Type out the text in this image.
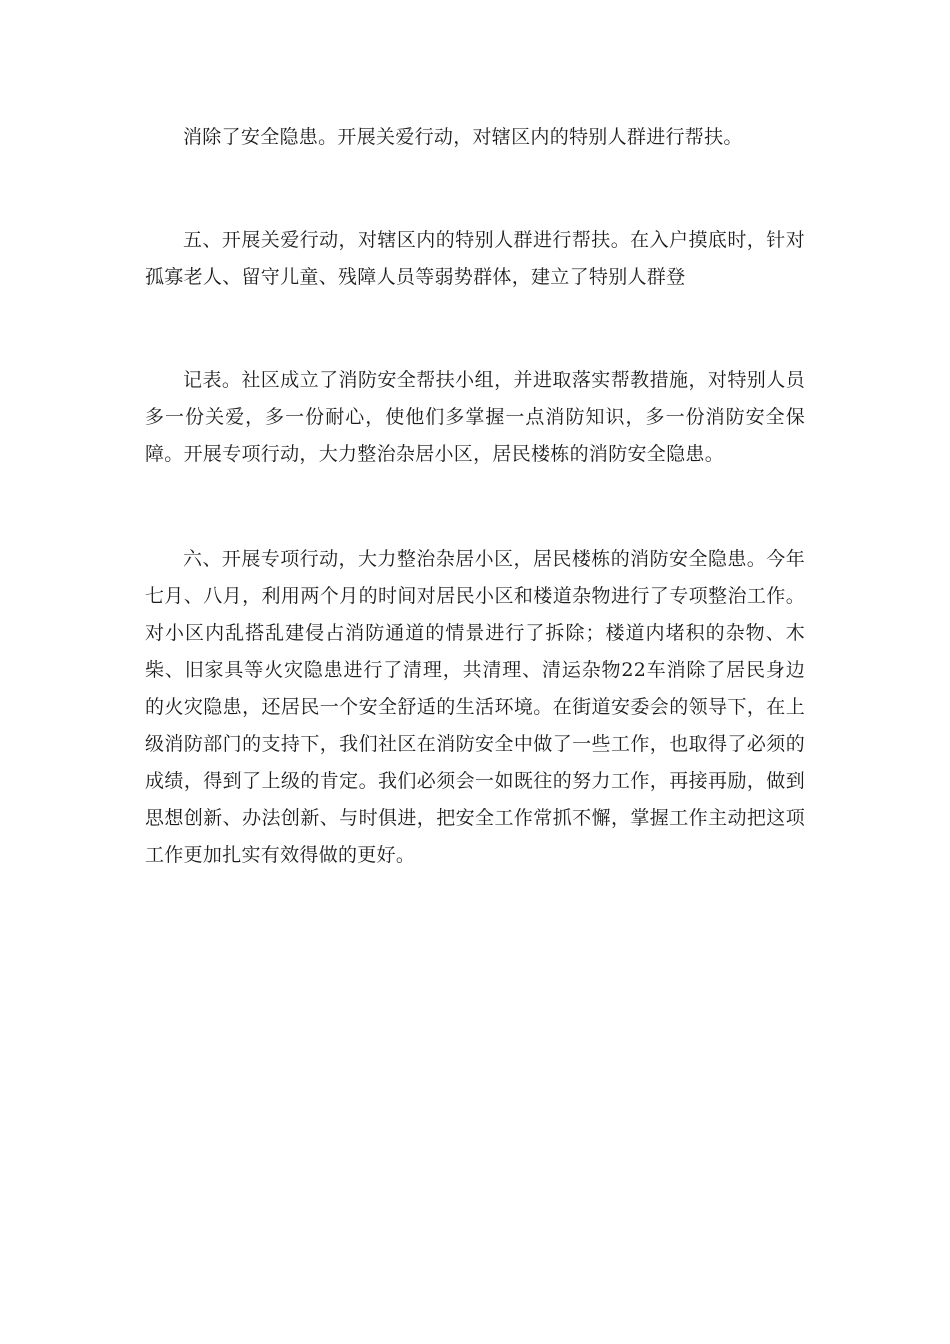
消除了安全隐患。开展关爱行动，对辖区内的特别人群进行帮扶。

五、开展关爱行动，对辖区内的特别人群进行帮扶。在入户摸底时，针对孤寡老人、留守儿童、残障人员等弱势群体，建立了特别人群登

记表。社区成立了消防安全帮扶小组，并进取落实帮教措施，对特别人员多一份关爱，多一份耐心，使他们多掌握一点消防知识，多一份消防安全保障。开展专项行动，大力整治杂居小区，居民楼栋的消防安全隐患。

六、开展专项行动，大力整治杂居小区，居民楼栋的消防安全隐患。今年七月、八月，利用两个月的时间对居民小区和楼道杂物进行了专项整治工作。对小区内乱搭乱建侵占消防通道的情景进行了拆除；楼道内堵积的杂物、木柴、旧家具等火灾隐患进行了清理，共清理、清运杂物22车消除了居民身边的火灾隐患，还居民一个安全舒适的生活环境。在街道安委会的领导下，在上级消防部门的支持下，我们社区在消防安全中做了一些工作，也取得了必须的成绩，得到了上级的肯定。我们必须会一如既往的努力工作，再接再励，做到思想创新、办法创新、与时俱进，把安全工作常抓不懈，掌握工作主动把这项工作更加扎实有效得做的更好。
